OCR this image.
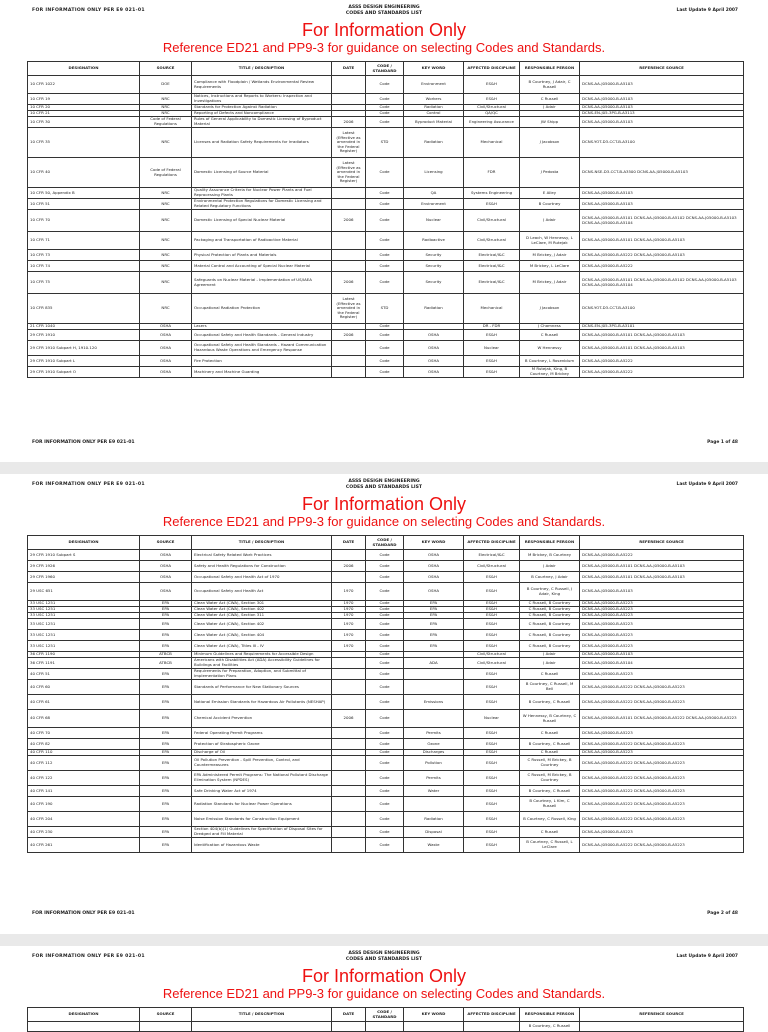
FOR INFORMATION ONLY PER E9 021-01
ASSS DESIGN ENGINEERING
CODES AND STANDARDS LIST
Last Update 9 April 2007
For Information Only
Reference ED21 and PP9-3 for guidance on selecting Codes and Standards.
DESIGNATION	SOURCE	TITLE / DESCRIPTION	DATE	CODE / STANDARD	KEY WORD	AFFECTED DISCIPLINE	RESPONSIBLE PERSON	REFERENCE SOURCE
10 CFR 1022	DOE	Compliance with Floodplain / Wetlands Environmental Review Requirements		Code	Environment	ES&H	B Courtney, J Adair, C Russell	DCNS-AA-J05000-B-A5103
10 CFR 19	NRC	Notices, Instructions and Reports to Workers: Inspection and Investigations		Code	Workers	ES&H	C Russell	DCNS-AA-J05000-B-A5103
10 CFR 20	NRC	Standards for Protection Against Radiation		Code	Radiation	Civil/Structural	J Adair	DCNS-AA-J05000-B-A5103
10 CFR 21	NRC	Reporting of Defects and Noncompliance		Code	Control	QA/QC		DCNS-EN-J05-3PG-B-A3113
10 CFR 30	Code of Federal Regulations	Rules of General Applicability to Domestic Licensing of Byproduct Material	2006	Code	Byproduct Material	Engineering Assurance	JW Shipp	DCNS-AA-J05000-B-A5103
10 CFR 35	NRC	Licenses and Radiation Safety Requirements for Irradiators	Latest (Effective as amended in the Federal Register)	STD	Radiation	Mechanical	J Jacobson	DCNS-YOT-D3-CCT-B-A3100
10 CFR 40	Code of Federal Regulations	Domestic Licensing of Source Material	Latest (Effective as amended in the Federal Register)	Code	Licensing	FDR	J Pedosta	DCNS-NSE-D3-CCT-B-A3500 DCNS-AA-J05000-B-A5103
10 CFR 50, Appendix B	NRC	Quality Assurance Criteria for Nuclear Power Plants and Fuel Reprocessing Plants		Code	QA	Systems Engineering	E Alley	DCNS-AA-J05000-B-A5103
10 CFR 51	NRC	Environmental Protection Regulations for Domestic Licensing and Related Regulatory Functions		Code	Environment	ES&H	B Courtney	DCNS-AA-J05000-B-A5103
10 CFR 70	NRC	Domestic Licensing of Special Nuclear Material	2006	Code	Nuclear	Civil/Structural	J Adair	DCNS-AA-J05000-B-A5101 DCNS-AA-J05000-B-A5102 DCNS-AA-J05000-B-A5103 DCNS-AA-J05000-B-A5104
10 CFR 71	NRC	Packaging and Transportation of Radioactive Material		Code	Radioactive	Civil/Structural	D Leach, W Hennessy, L LeClare, M Rutejak	DCNS-AA-J05000-B-A5101 DCNS-AA-J05000-B-A5103
10 CFR 73	NRC	Physical Protection of Plants and Materials		Code	Security	Electrical/I&C	M Brickey, J Adair	DCNS-AA-J05000-B-A5222 DCNS-AA-J05000-B-A5103
10 CFR 74	NRC	Material Control and Accounting of Special Nuclear Material		Code	Security	Electrical/I&C	M Brickey, L LeClare	DCNS-AA-J05000-B-A5222
10 CFR 75	NRC	Safeguards on Nuclear Material - Implementation of US/IAEA Agreement	2006	Code	Security	Electrical/I&C	M Brickey, J Adair	DCNS-AA-J05000-B-A5101 DCNS-AA-J05000-B-A5102 DCNS-AA-J05000-B-A5103 DCNS-AA-J05000-B-A5104
10 CFR 835	NRC	Occupational Radiation Protection	Latest (Effective as amended in the Federal Register)	STD	Radiation	Mechanical	J Jacobson	DCNS-YOT-D3-CCT-B-A3100
21 CFR 1040	OSHA	Lasers		Code		DR - FDR	J Chamness	DCNS-EN-J05-3PG-B-A3101
29 CFR 1910	OSHA	Occupational Safety and Health Standards - General Industry	2006	Code	OSHA	ES&H	C Russell	DCNS-AA-J05000-B-A5101 DCNS-AA-J05000-B-A5103
29 CFR 1910 Subpart H, 1910.120	OSHA	Occupational Safety and Health Standards - Hazard Communication Hazardous Waste Operations and Emergency Response		Code	OSHA	Nuclear	W Hennessy	DCNS-AA-J05000-B-A5101 DCNS-AA-J05000-B-A5103
29 CFR 1910 Subpart L	OSHA	Fire Protection		Code	OSHA	ES&H	B Courtney, L Rosenblum	DCNS-AA-J05000-B-A5222
29 CFR 1910 Subpart O	OSHA	Machinery and Machine Guarding		Code	OSHA	ES&H	M Rutejak, King, B Courtney, M Brickey	DCNS-AA-J05000-B-A5222
FOR INFORMATION ONLY PER E9 021-01	Page 1 of 48
FOR INFORMATION ONLY PER E9 021-01
ASSS DESIGN ENGINEERING
CODES AND STANDARDS LIST
Last Update 9 April 2007
For Information Only
Reference ED21 and PP9-3 for guidance on selecting Codes and Standards.
DESIGNATION	SOURCE	TITLE / DESCRIPTION	DATE	CODE / STANDARD	KEY WORD	AFFECTED DISCIPLINE	RESPONSIBLE PERSON	REFERENCE SOURCE
29 CFR 1910 Subpart S	OSHA	Electrical Safety Related Work Practices		Code	OSHA	Electrical/I&C	M Brickey, B Courtney	DCNS-AA-J05000-B-A5222
29 CFR 1926	OSHA	Safety and Health Regulations for Construction	2006	Code	OSHA	Civil/Structural	J Adair	DCNS-AA-J05000-B-A5101 DCNS-AA-J05000-B-A5103
29 CFR 1960	OSHA	Occupational Safety and Health Act of 1970		Code	OSHA	ES&H	B Courtney, J Adair	DCNS-AA-J05000-B-A5101 DCNS-AA-J05000-B-A5103
29 USC 651	OSHA	Occupational Safety and Health Act	1970	Code	OSHA	ES&H	B Courtney, C Russell, J Adair, King	DCNS-AA-J05000-B-A5103
33 USC 1251	EPA	Clean Water Act (CWA), Section 301	1970	Code	EPA	ES&H	C Russell, B Courtney	DCNS-AA-J05000-B-A5223
33 USC 1251	EPA	Clean Water Act (CWA), Section 402	1970	Code	EPA	ES&H	C Russell, B Courtney	DCNS-AA-J05000-B-A5223
33 USC 1251	EPA	Clean Water Act (CWA), Section 311	1970	Code	EPA	ES&H	C Russell, B Courtney	DCNS-AA-J05000-B-A5223
33 USC 1251	EPA	Clean Water Act (CWA), Section 402	1970	Code	EPA	ES&H	C Russell, B Courtney	DCNS-AA-J05000-B-A5223
33 USC 1251	EPA	Clean Water Act (CWA), Section 404	1970	Code	EPA	ES&H	C Russell, B Courtney	DCNS-AA-J05000-B-A5223
33 USC 1251	EPA	Clean Water Act (CWA), Titles III - IV	1970	Code	EPA	ES&H	C Russell, B Courtney	DCNS-AA-J05000-B-A5223
36 CFR 1190	ATBCB	Minimum Guidelines and Requirements for Accessible Design		Code		Civil/Structural	J Adair	DCNS-AA-J05000-B-A5103
36 CFR 1191	ATBCB	Americans with Disabilities Act (ADA) Accessibility Guidelines for Buildings and Facilities		Code	ADA	Civil/Structural	J Adair	DCNS-AA-J05000-B-A5104
40 CFR 51	EPA	Requirements for Preparation, Adoption, and Submittal of Implementation Plans		Code		ES&H	C Russell	DCNS-AA-J05000-B-A5223
40 CFR 60	EPA	Standards of Performance for New Stationary Sources		Code		ES&H	B Courtney, C Russell, M Bell	DCNS-AA-J05000-B-A5222 DCNS-AA-J05000-B-A5223
40 CFR 61	EPA	National Emission Standards for Hazardous Air Pollutants (NESHAP)		Code	Emissions	ES&H	B Courtney, C Russell	DCNS-AA-J05000-B-A5222 DCNS-AA-J05000-B-A5223
40 CFR 68	EPA	Chemical Accident Prevention	2006	Code		Nuclear	W Hennessy, B Courtney, C Russell	DCNS-AA-J05000-B-A5101 DCNS-AA-J05000-B-A5222 DCNS-AA-J05000-B-A5223
40 CFR 70	EPA	Federal Operating Permit Programs		Code	Permits	ES&H	C Russell	DCNS-AA-J05000-B-A5223
40 CFR 82	EPA	Protection of Stratospheric Ozone		Code	Ozone	ES&H	B Courtney, C Russell	DCNS-AA-J05000-B-A5222 DCNS-AA-J05000-B-A5223
40 CFR 110	EPA	Discharge of Oil		Code	Discharges	ES&H	C Russell	DCNS-AA-J05000-B-A5223
40 CFR 112	EPA	Oil Pollution Prevention - Spill Prevention, Control, and Countermeasures		Code	Pollution	ES&H	C Russell, M Brickey, B Courtney	DCNS-AA-J05000-B-A5222 DCNS-AA-J05000-B-A5223
40 CFR 122	EPA	EPA Administered Permit Programs: The National Pollutant Discharge Elimination System (NPDES)		Code	Permits	ES&H	C Russell, M Brickey, B Courtney	DCNS-AA-J05000-B-A5222 DCNS-AA-J05000-B-A5223
40 CFR 141	EPA	Safe Drinking Water Act of 1974		Code	Water	ES&H	B Courtney, C Russell	DCNS-AA-J05000-B-A5222 DCNS-AA-J05000-B-A5223
40 CFR 190	EPA	Radiation Standards for Nuclear Power Operations		Code		ES&H	B Courtney, L Kim, C Russell	DCNS-AA-J05000-B-A5222 DCNS-AA-J05000-B-A5223
40 CFR 204	EPA	Noise Emission Standards for Construction Equipment		Code	Radiation	ES&H	B Courtney, C Russell, King	DCNS-AA-J05000-B-A5222 DCNS-AA-J05000-B-A5223
40 CFR 230	EPA	Section 404(b)(1) Guidelines for Specification of Disposal Sites for Dredged and Fill Material		Code	Disposal	ES&H	C Russell	DCNS-AA-J05000-B-A5223
40 CFR 261	EPA	Identification of Hazardous Waste		Code	Waste	ES&H	B Courtney, C Russell, L LeClare	DCNS-AA-J05000-B-A5222 DCNS-AA-J05000-B-A5223
FOR INFORMATION ONLY PER E9 021-01	Page 2 of 48
FOR INFORMATION ONLY PER E9 021-01
ASSS DESIGN ENGINEERING
CODES AND STANDARDS LIST
Last Update 9 April 2007
For Information Only
Reference ED21 and PP9-3 for guidance on selecting Codes and Standards.
DESIGNATION	SOURCE	TITLE / DESCRIPTION	DATE	CODE / STANDARD	KEY WORD	AFFECTED DISCIPLINE	RESPONSIBLE PERSON	REFERENCE SOURCE
							B Courtney, C Russell	
